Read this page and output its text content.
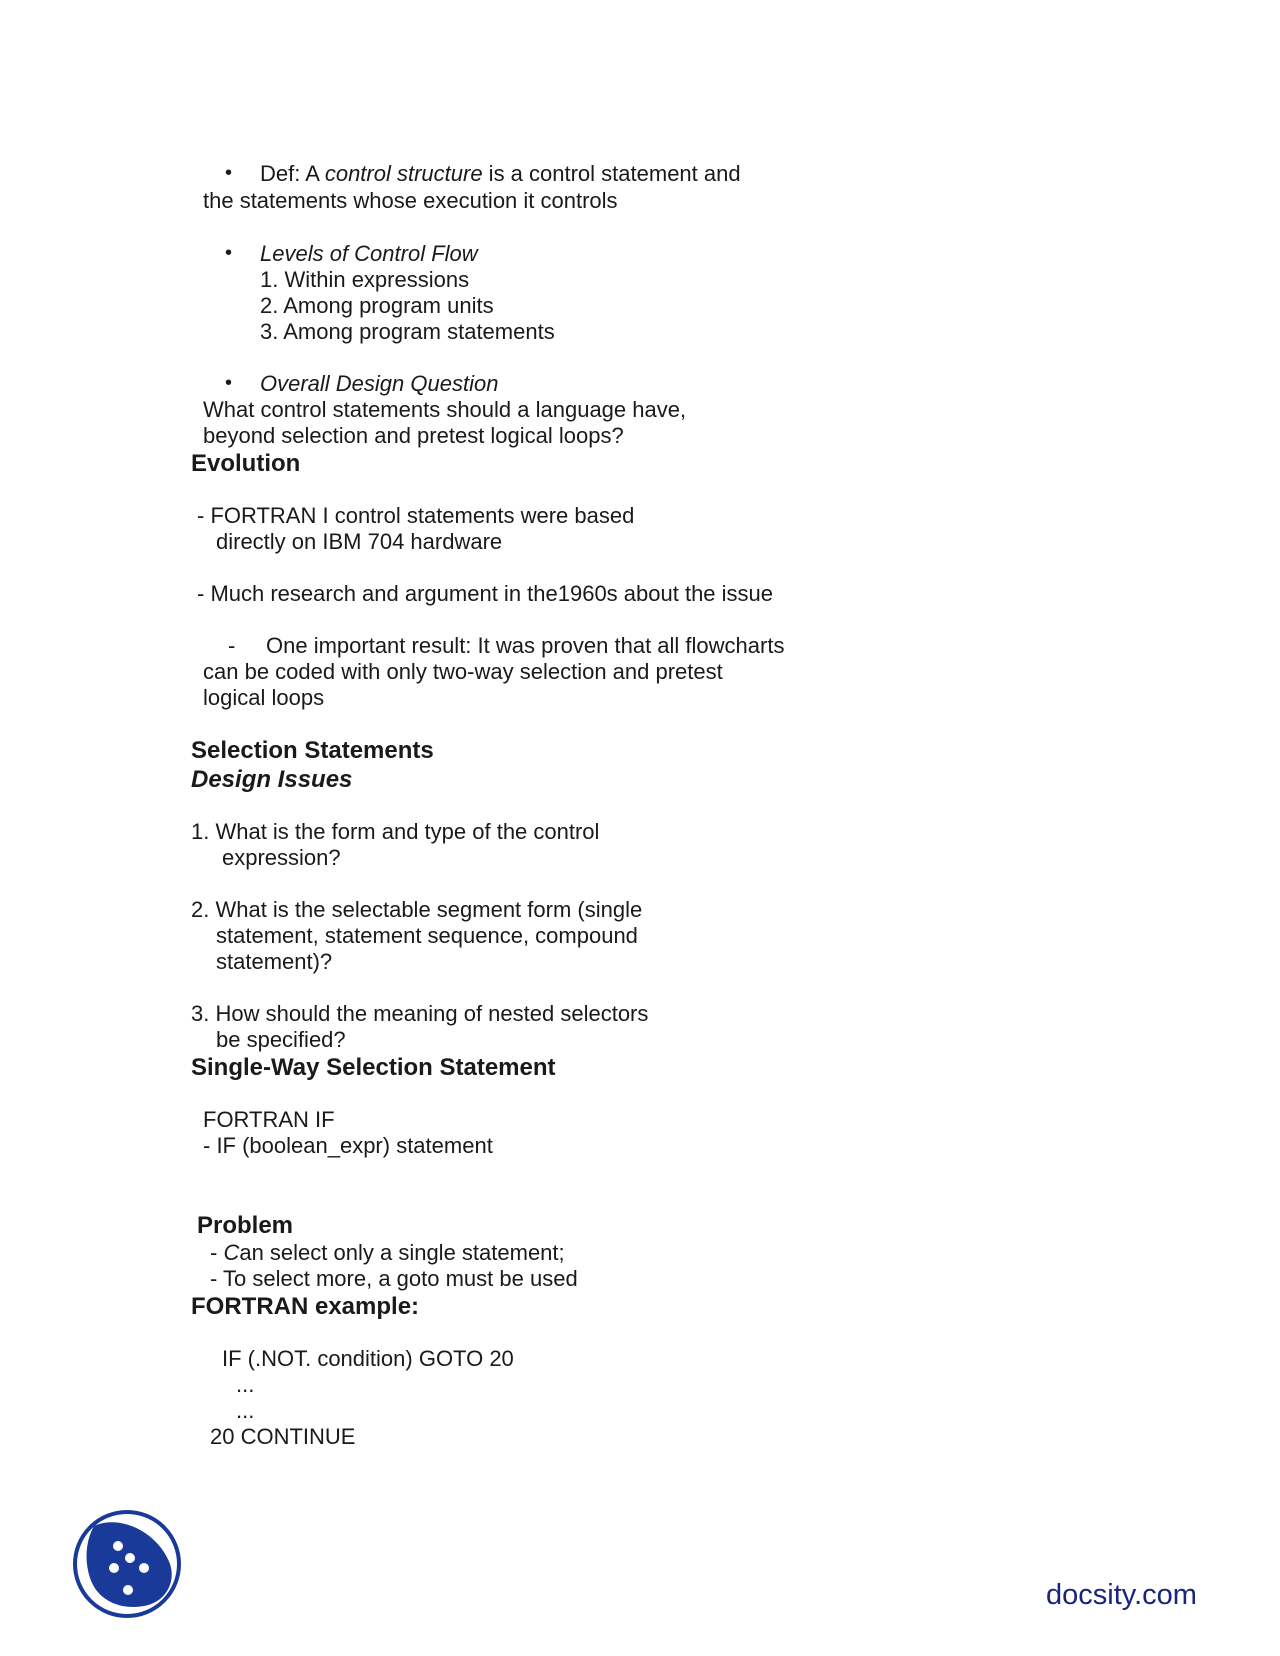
• Def: A control structure is a control statement and
the statements whose execution it controls
• Levels of Control Flow
1. Within expressions
2. Among program units
3. Among program statements
• Overall Design Question
What control statements should a language have,
beyond selection and pretest logical loops?
Evolution
- FORTRAN I control statements were based
directly on IBM 704 hardware
- Much research and argument in the1960s about the issue
- One important result: It was proven that all flowcharts
can be coded with only two-way selection and pretest
logical loops
Selection Statements
Design Issues
1. What is the form and type of the control
expression?
2. What is the selectable segment form (single
statement, statement sequence, compound
statement)?
3. How should the meaning of nested selectors
be specified?
Single-Way Selection Statement
FORTRAN IF
- IF (boolean_expr) statement
Problem
- Can select only a single statement;
- To select more, a goto must be used
FORTRAN example:
IF (.NOT. condition) GOTO 20
...
...
20 CONTINUE
docsity.com
